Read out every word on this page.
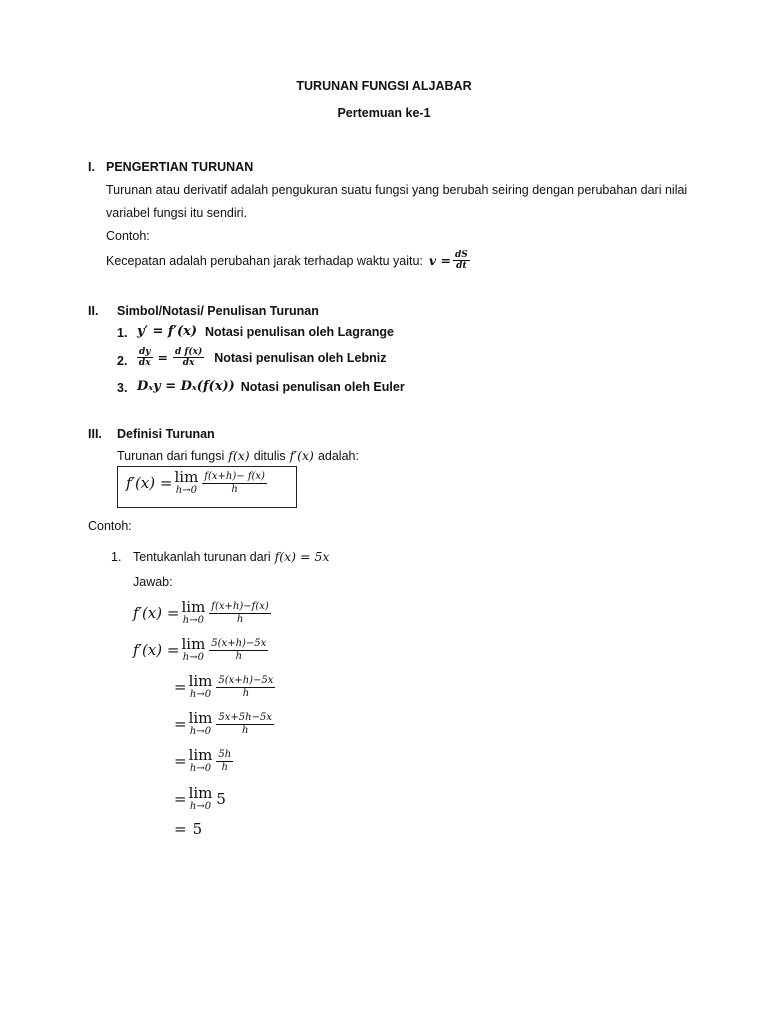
TURUNAN FUNGSI ALJABAR
Pertemuan ke-1
I. PENGERTIAN TURUNAN
Turunan atau derivatif adalah pengukuran suatu fungsi yang berubah seiring dengan perubahan dari nilai
variabel fungsi itu sendiri.
Contoh:
Kecepatan adalah perubahan jarak terhadap waktu yaitu: $v = \frac{dS}{dt}$
II. Simbol/Notasi/ Penulisan Turunan
1. y′ = f′(x) Notasi penulisan oleh Lagrange
2. $\frac{dy}{dx} = \frac{\text{d f(x)}}{dx}$ Notasi penulisan oleh Lebniz
3. Dₓy = Dₓ(f(x)) Notasi penulisan oleh Euler
III. Definisi Turunan
Turunan dari fungsi f(x) ditulis f′(x) adalah:
f′(x) = lim
$h\to 0 \frac{f(x+h)- f(x)}{h}$
Contoh:
1. Tentukanlah turunan dari f(x) = 5x
Jawab:
f′(x) = lim
$h\to 0 \frac{f(x+h)-f(x)}{h}$
f′(x) = lim
$h\to 0 \frac{5(x+h)-5x}{h}$
= lim
$h\to 0 \frac{5(x+h)-5x}{h}$
= lim
$h\to 0 \frac{5x+5h-5x}{h}$
= lim
$h\to 0 \frac{5h}{h}$
= lim
h→0 5
= 5
